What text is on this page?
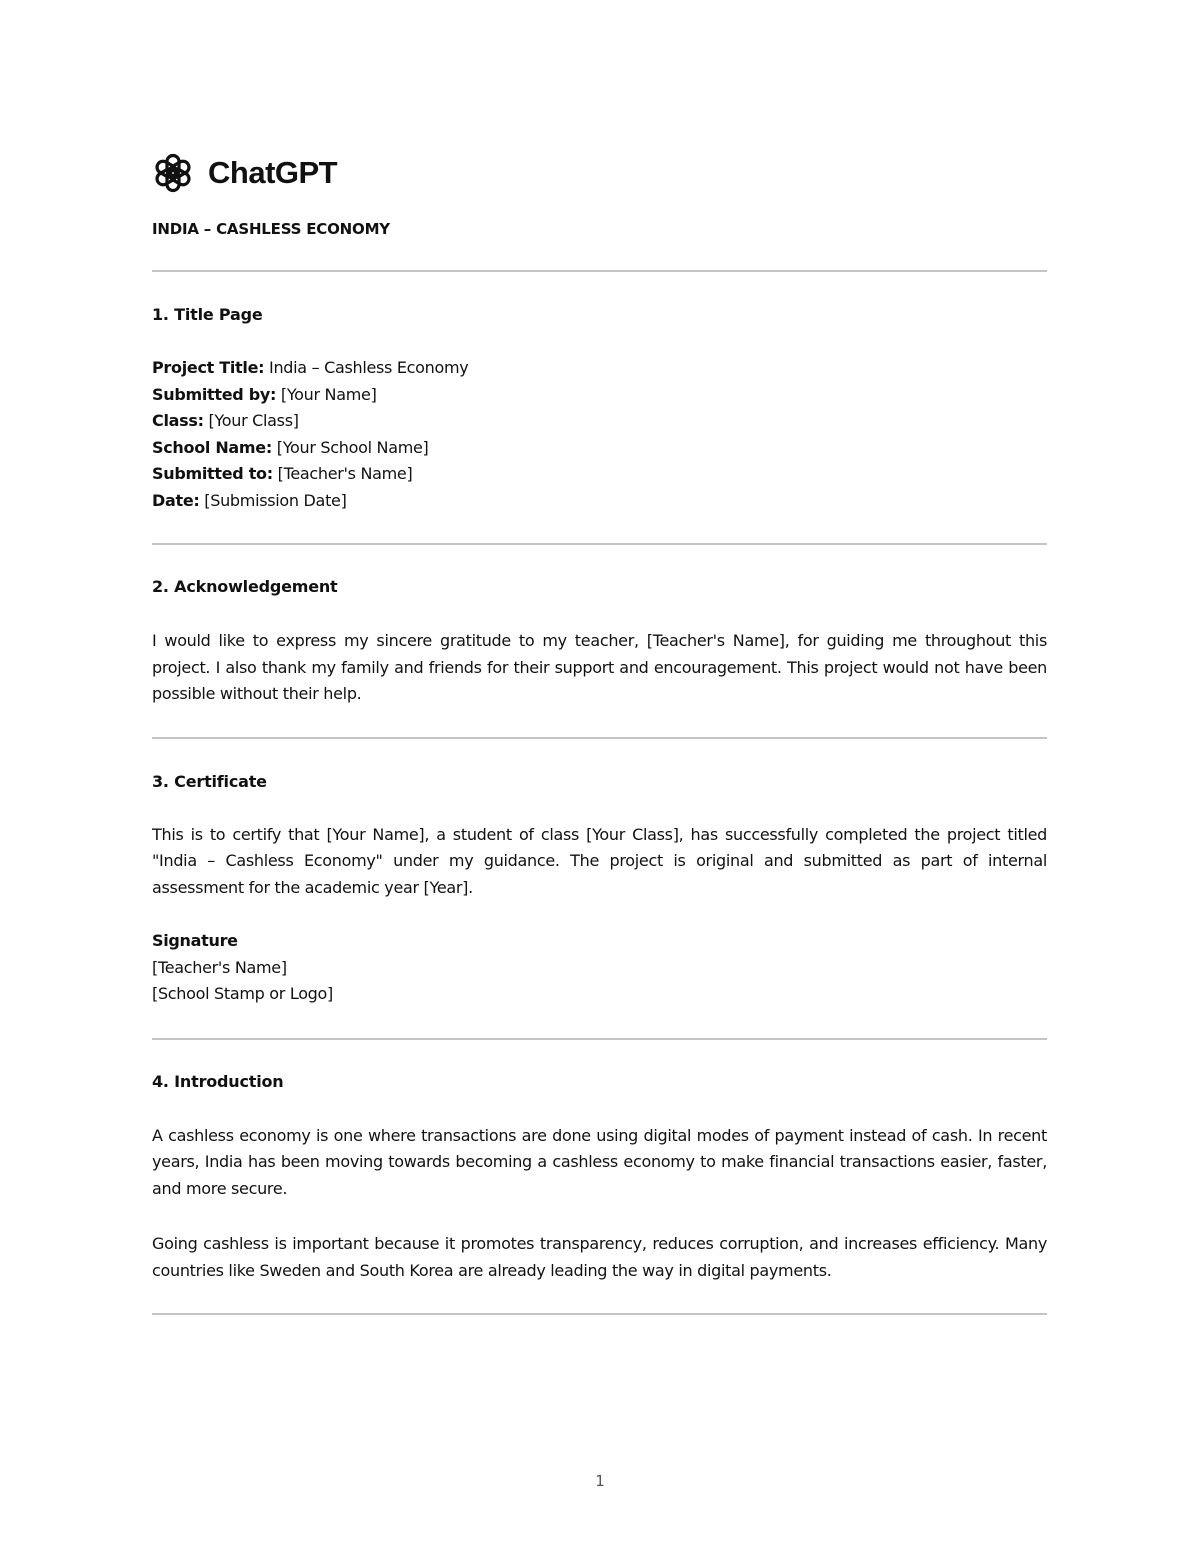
ChatGPT

INDIA – CASHLESS ECONOMY

1. Title Page

Project Title: India – Cashless Economy

Submitted by: [Your Name]

Class: [Your Class]

School Name: [Your School Name]

Submitted to: [Teacher's Name]

Date: [Submission Date]

2. Acknowledgement

I would like to express my sincere gratitude to my teacher, [Teacher's Name], for guiding me throughout this project. I also thank my family and friends for their support and encouragement. This project would not have been possible without their help.

3. Certificate

This is to certify that [Your Name], a student of class [Your Class], has successfully completed the project titled "India – Cashless Economy" under my guidance. The project is original and submitted as part of internal assessment for the academic year [Year].

Signature

[Teacher's Name]

[School Stamp or Logo]

4. Introduction

A cashless economy is one where transactions are done using digital modes of payment instead of cash. In recent years, India has been moving towards becoming a cashless economy to make financial transactions easier, faster, and more secure.

Going cashless is important because it promotes transparency, reduces corruption, and increases efficiency. Many countries like Sweden and South Korea are already leading the way in digital payments.

1
